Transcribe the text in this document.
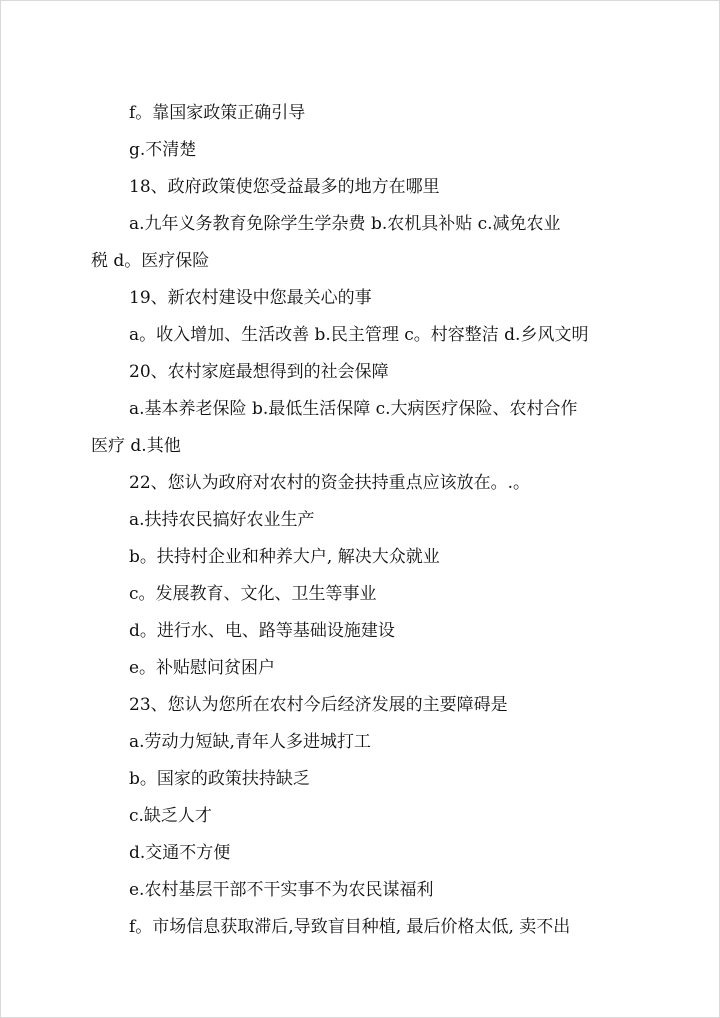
f。靠国家政策正确引导
g.不清楚
18、政府政策使您受益最多的地方在哪里
a.九年义务教育免除学生学杂费 b.农机具补贴 c.减免农业
税 d。医疗保险
19、新农村建设中您最关心的事
a。收入增加、生活改善 b.民主管理 c。村容整洁 d.乡风文明
20、农村家庭最想得到的社会保障
a.基本养老保险 b.最低生活保障 c.大病医疗保险、农村合作
医疗 d.其他
22、您认为政府对农村的资金扶持重点应该放在。.。
a.扶持农民搞好农业生产
b。扶持村企业和种养大户, 解决大众就业
c。发展教育、文化、卫生等事业
d。进行水、电、路等基础设施建设
e。补贴慰问贫困户
23、您认为您所在农村今后经济发展的主要障碍是
a.劳动力短缺,青年人多进城打工
b。国家的政策扶持缺乏
c.缺乏人才
d.交通不方便
e.农村基层干部不干实事不为农民谋福利
f。市场信息获取滞后,导致盲目种植, 最后价格太低, 卖不出
